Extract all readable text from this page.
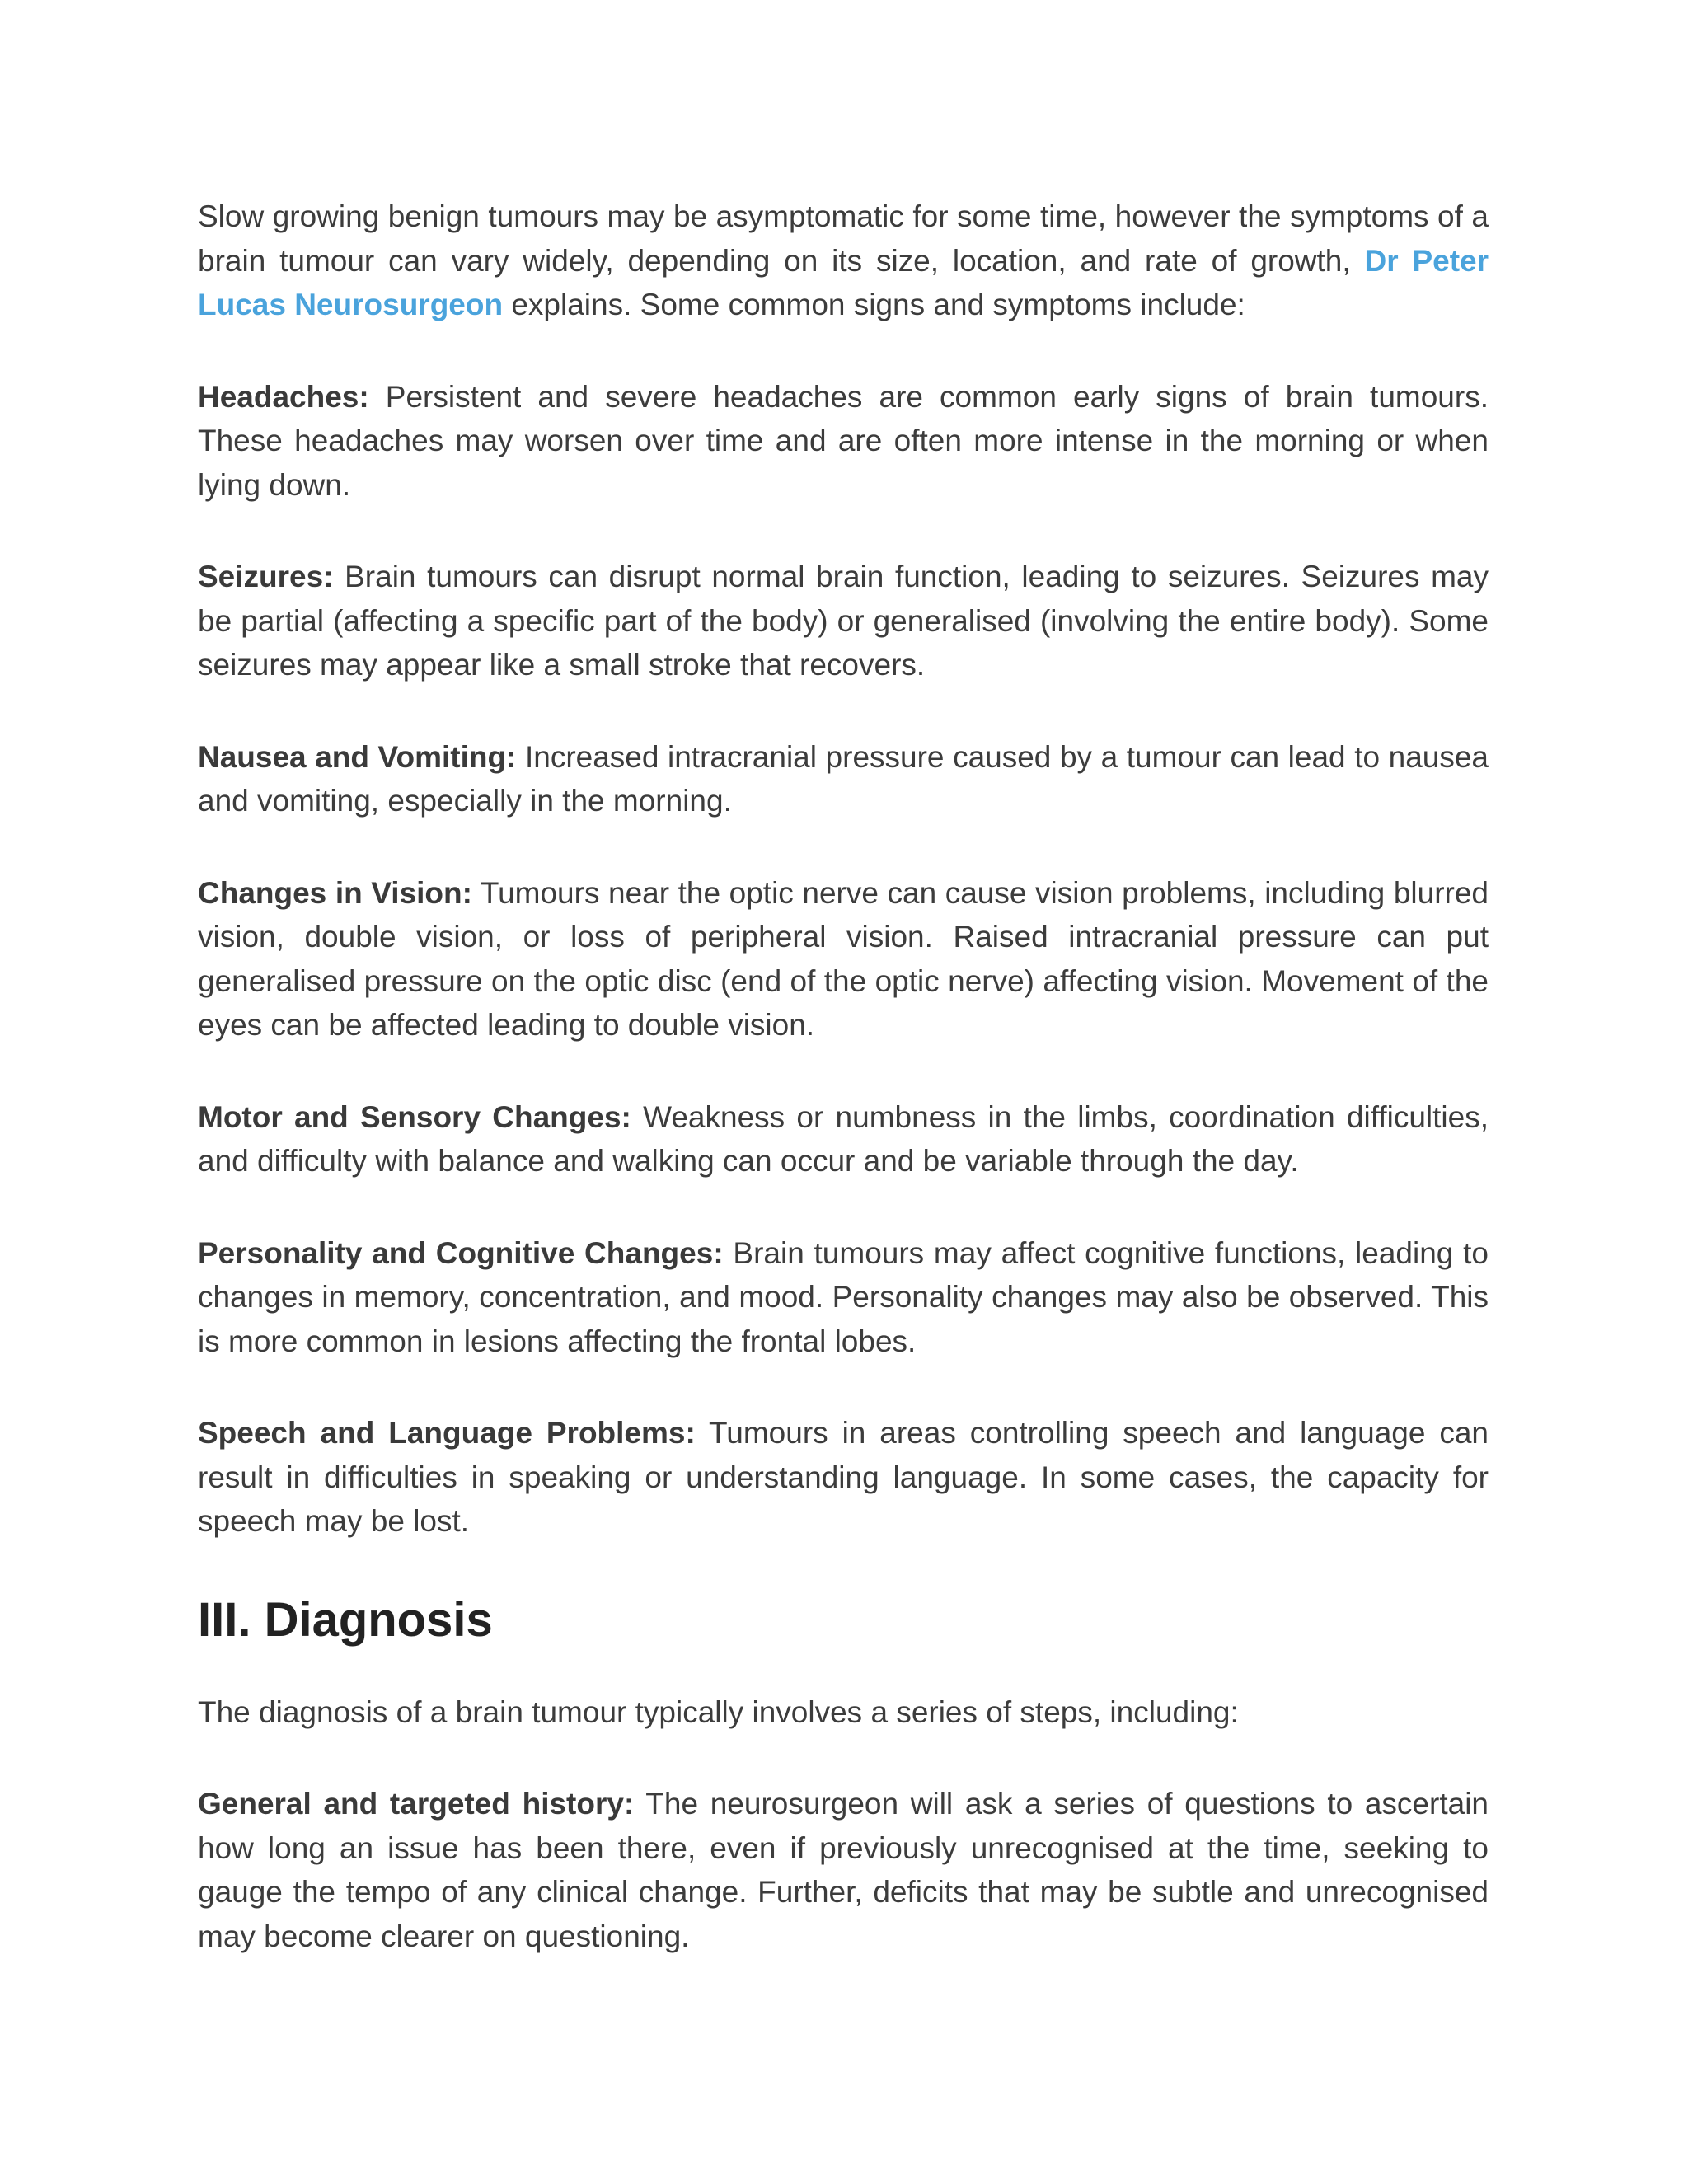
Slow growing benign tumours may be asymptomatic for some time, however the symptoms of a brain tumour can vary widely, depending on its size, location, and rate of growth, Dr Peter Lucas Neurosurgeon explains. Some common signs and symptoms include:

Headaches: Persistent and severe headaches are common early signs of brain tumours. These headaches may worsen over time and are often more intense in the morning or when lying down.

Seizures: Brain tumours can disrupt normal brain function, leading to seizures. Seizures may be partial (affecting a specific part of the body) or generalised (involving the entire body). Some seizures may appear like a small stroke that recovers.

Nausea and Vomiting: Increased intracranial pressure caused by a tumour can lead to nausea and vomiting, especially in the morning.

Changes in Vision: Tumours near the optic nerve can cause vision problems, including blurred vision, double vision, or loss of peripheral vision. Raised intracranial pressure can put generalised pressure on the optic disc (end of the optic nerve) affecting vision. Movement of the eyes can be affected leading to double vision.

Motor and Sensory Changes: Weakness or numbness in the limbs, coordination difficulties, and difficulty with balance and walking can occur and be variable through the day.

Personality and Cognitive Changes: Brain tumours may affect cognitive functions, leading to changes in memory, concentration, and mood. Personality changes may also be observed. This is more common in lesions affecting the frontal lobes.

Speech and Language Problems: Tumours in areas controlling speech and language can result in difficulties in speaking or understanding language. In some cases, the capacity for speech may be lost.

III. Diagnosis

The diagnosis of a brain tumour typically involves a series of steps, including:

General and targeted history: The neurosurgeon will ask a series of questions to ascertain how long an issue has been there, even if previously unrecognised at the time, seeking to gauge the tempo of any clinical change. Further, deficits that may be subtle and unrecognised may become clearer on questioning.
